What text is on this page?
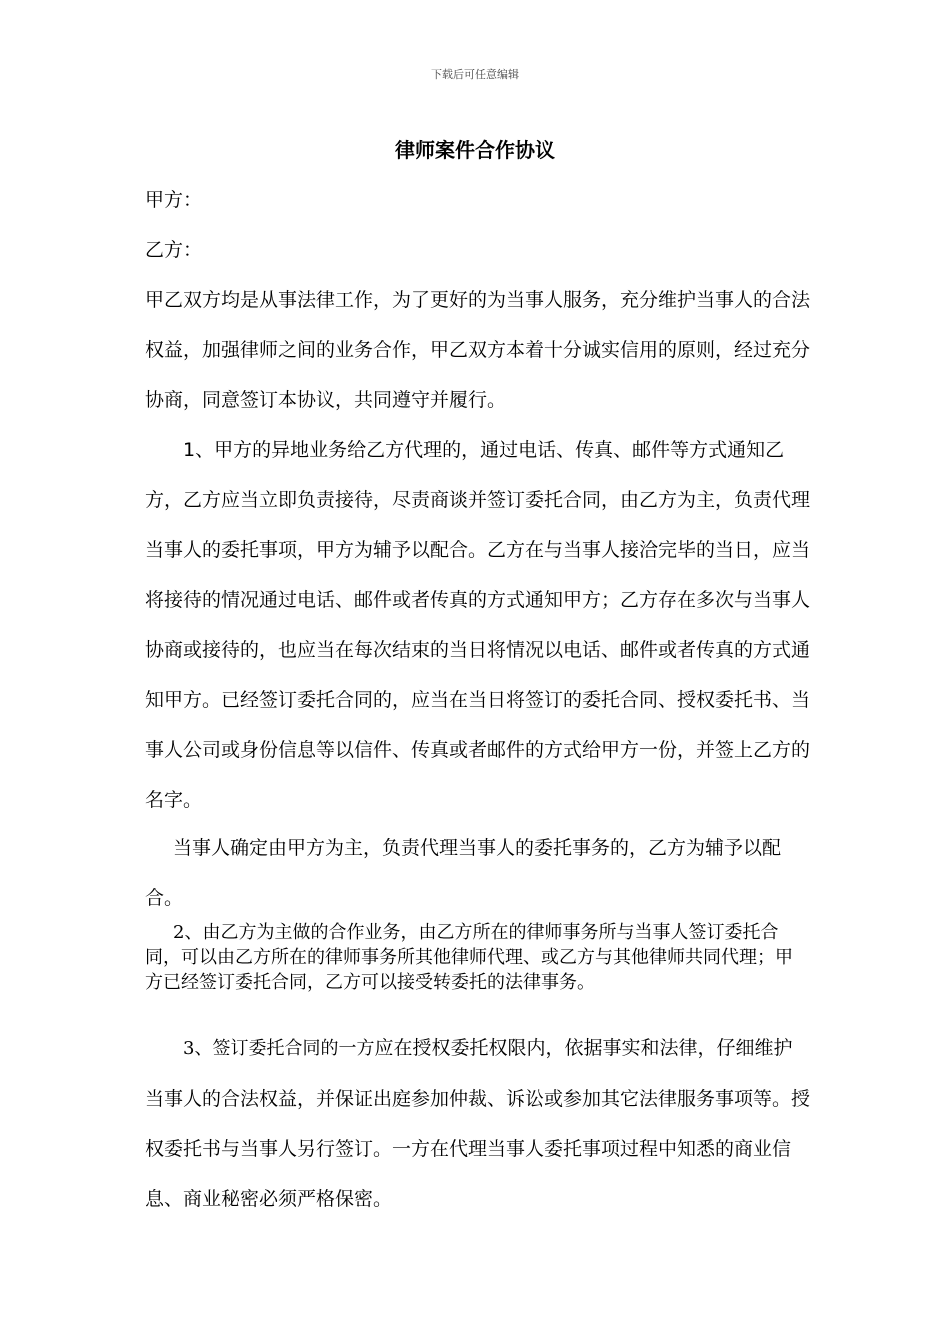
下载后可任意编辑
律师案件合作协议

甲方：

乙方：

甲乙双方均是从事法律工作，为了更好的为当事人服务，充分维护当事人的合法权益，加强律师之间的业务合作，甲乙双方本着十分诚实信用的原则，经过充分协商，同意签订本协议，共同遵守并履行。

1、甲方的异地业务给乙方代理的，通过电话、传真、邮件等方式通知乙方，乙方应当立即负责接待，尽责商谈并签订委托合同，由乙方为主，负责代理当事人的委托事项，甲方为辅予以配合。乙方在与当事人接洽完毕的当日，应当将接待的情况通过电话、邮件或者传真的方式通知甲方；乙方存在多次与当事人协商或接待的，也应当在每次结束的当日将情况以电话、邮件或者传真的方式通知甲方。已经签订委托合同的，应当在当日将签订的委托合同、授权委托书、当事人公司或身份信息等以信件、传真或者邮件的方式给甲方一份，并签上乙方的名字。

当事人确定由甲方为主，负责代理当事人的委托事务的，乙方为辅予以配合。

2、由乙方为主做的合作业务，由乙方所在的律师事务所与当事人签订委托合同，可以由乙方所在的律师事务所其他律师代理、或乙方与其他律师共同代理；甲方已经签订委托合同，乙方可以接受转委托的法律事务。

3、签订委托合同的一方应在授权委托权限内，依据事实和法律，仔细维护当事人的合法权益，并保证出庭参加仲裁、诉讼或参加其它法律服务事项等。授权委托书与当事人另行签订。一方在代理当事人委托事项过程中知悉的商业信息、商业秘密必须严格保密。
